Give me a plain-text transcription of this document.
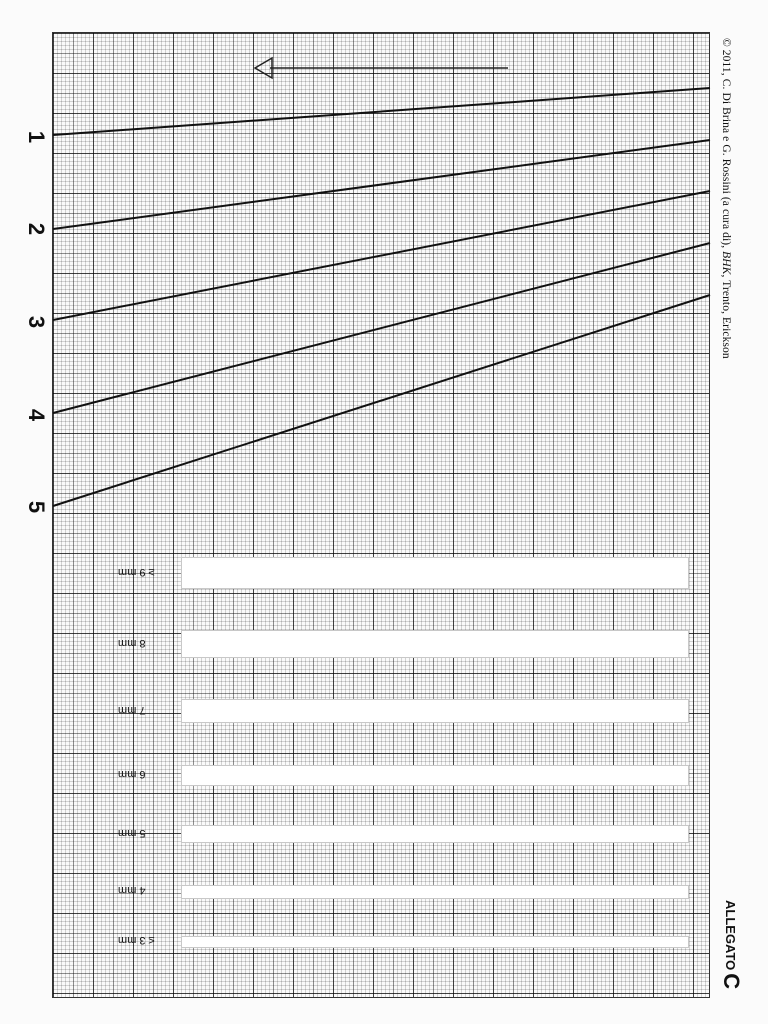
1
2
3
4
5
© 2011, C. Di Brina e G. Rossini (a cura di), BHK, Trento, Erickson
ALLEGATOC
≥ 9 mm
8 mm
7 mm
6 mm
5 mm
4 mm
≤ 3 mm
